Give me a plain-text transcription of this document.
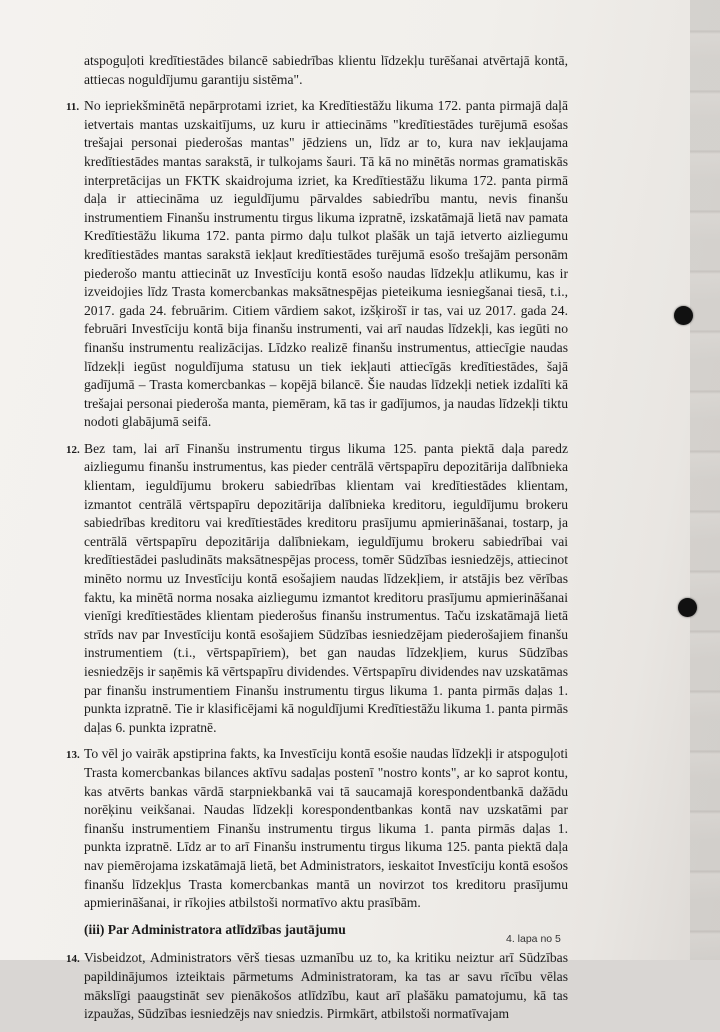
atspoguļoti kredītiestādes bilancē sabiedrības klientu līdzekļu turēšanai atvērtajā kontā, attiecas noguldījumu garantiju sistēma".
11. No iepriekšminētā nepārprotami izriet, ka Kredītiestāžu likuma 172. panta pirmajā daļā ietvertais mantas uzskaitījums, uz kuru ir attiecināms "kredītiestādes turējumā esošas trešajai personai piederošas mantas" jēdziens un, līdz ar to, kura nav iekļaujama kredītiestādes mantas sarakstā, ir tulkojams šauri. Tā kā no minētās normas gramatiskās interpretācijas un FKTK skaidrojuma izriet, ka Kredītiestāžu likuma 172. panta pirmā daļa ir attiecināma uz ieguldījumu pārvaldes sabiedrību mantu, nevis finanšu instrumentiem Finanšu instrumentu tirgus likuma izpratnē, izskatāmajā lietā nav pamata Kredītiestāžu likuma 172. panta pirmo daļu tulkot plašāk un tajā ietverto aizliegumu kredītiestādes mantas sarakstā iekļaut kredītiestādes turējumā esošo trešajām personām piederošo mantu attiecināt uz Investīciju kontā esošo naudas līdzekļu atlikumu, kas ir izveidojies līdz Trasta komercbankas maksātnespējas pieteikuma iesniegšanai tiesā, t.i., 2017. gada 24. februārim. Citiem vārdiem sakot, izšķirošī ir tas, vai uz 2017. gada 24. februāri Investīciju kontā bija finanšu instrumenti, vai arī naudas līdzekļi, kas iegūti no finanšu instrumentu realizācijas. Līdzko realizē finanšu instrumentus, attiecīgie naudas līdzekļi iegūst noguldījuma statusu un tiek iekļauti attiecīgās kredītiestādes, šajā gadījumā – Trasta komercbankas – kopējā bilancē. Šie naudas līdzekļi netiek izdalīti kā trešajai personai piederoša manta, piemēram, kā tas ir gadījumos, ja naudas līdzekļi tiktu nodoti glabājumā seifā.
12. Bez tam, lai arī Finanšu instrumentu tirgus likuma 125. panta piektā daļa paredz aizliegumu finanšu instrumentus, kas pieder centrālā vērtspapīru depozitārija dalībnieka klientam, ieguldījumu brokeru sabiedrības klientam vai kredītiestādes klientam, izmantot centrālā vērtspapīru depozitārija dalībnieka kreditoru, ieguldījumu brokeru sabiedrības kreditoru vai kredītiestādes kreditoru prasījumu apmierināšanai, tostarp, ja centrālā vērtspapīru depozitārija dalībniekam, ieguldījumu brokeru sabiedrībai vai kredītiestādei pasludināts maksātnespējas process, tomēr Sūdzības iesniedzējs, attiecinot minēto normu uz Investīciju kontā esošajiem naudas līdzekļiem, ir atstājis bez vērības faktu, ka minētā norma nosaka aizliegumu izmantot kreditoru prasījumu apmierināšanai vienīgi kredītiestādes klientam piederošus finanšu instrumentus. Taču izskatāmajā lietā strīds nav par Investīciju kontā esošajiem Sūdzības iesniedzējam piederošajiem finanšu instrumentiem (t.i., vērtspapīriem), bet gan naudas līdzekļiem, kurus Sūdzības iesniedzējs ir saņēmis kā vērtspapīru dividendes. Vērtspapīru dividendes nav uzskatāmas par finanšu instrumentiem Finanšu instrumentu tirgus likuma 1. panta pirmās daļas 1. punkta izpratnē. Tie ir klasificējami kā noguldījumi Kredītiestāžu likuma 1. panta pirmās daļas 6. punkta izpratnē.
13. To vēl jo vairāk apstiprina fakts, ka Investīciju kontā esošie naudas līdzekļi ir atspoguļoti Trasta komercbankas bilances aktīvu sadaļas postenī "nostro konts", ar ko saprot kontu, kas atvērts bankas vārdā starpniekbankā vai tā saucamajā korespondentbankā dažādu norēķinu veikšanai. Naudas līdzekļi korespondentbankas kontā nav uzskatāmi par finanšu instrumentiem Finanšu instrumentu tirgus likuma 1. panta pirmās daļas 1. punkta izpratnē. Līdz ar to arī Finanšu instrumentu tirgus likuma 125. panta piektā daļa nav piemērojama izskatāmajā lietā, bet Administrators, ieskaitot Investīciju kontā esošos finanšu līdzekļus Trasta komercbankas mantā un novirzot tos kreditoru prasījumu apmierināšanai, ir rīkojies atbilstoši normatīvo aktu prasībām.
(iii) Par Administratora atlīdzības jautājumu
14. Visbeidzot, Administrators vērš tiesas uzmanību uz to, ka kritiku neiztur arī Sūdzības papildinājumos izteiktais pārmetums Administratoram, ka tas ar savu rīcību vēlas mākslīgi paaugstināt sev pienākošos atlīdzību, kaut arī plašāku pamatojumu, kā tas izpaužas, Sūdzības iesniedzējs nav sniedzis. Pirmkārt, atbilstoši normatīvajam
4. lapa no 5
